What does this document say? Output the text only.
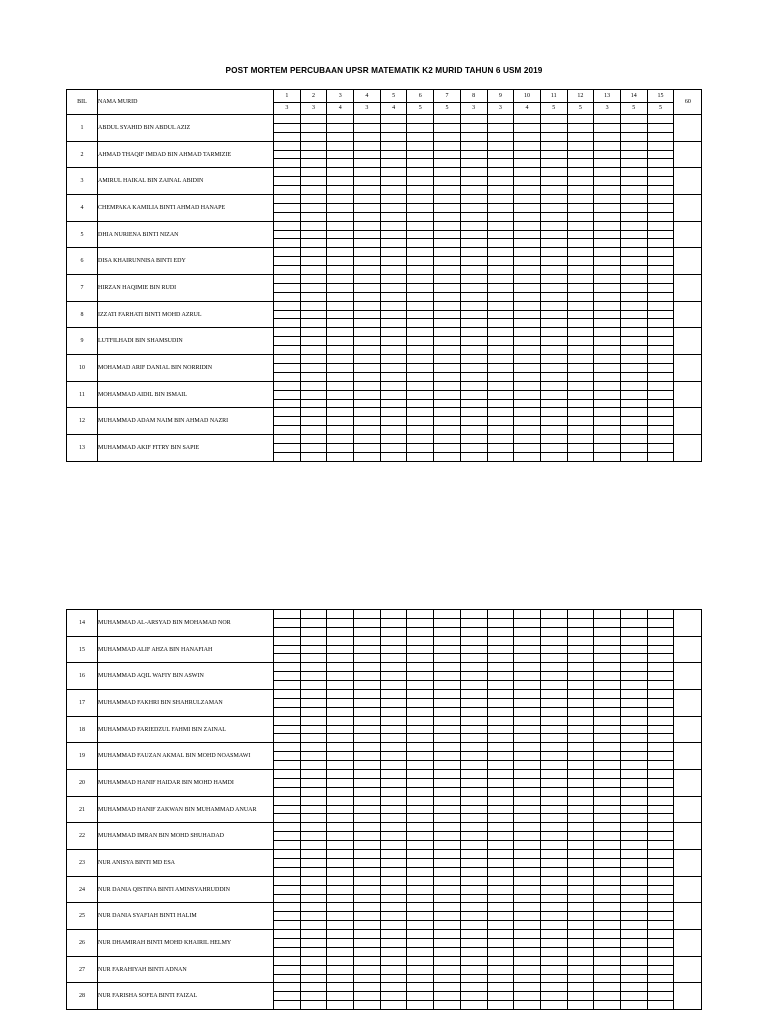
POST MORTEM PERCUBAAN UPSR MATEMATIK K2 MURID TAHUN 6 USM 2019
BIL	NAMA MURID	1	2	3	4	5	6	7	8	9	10	11	12	13	14	15	60
		3	3	4	3	4	5	5	3	3	4	5	5	3	5	5	
1	ABDUL SYAHID BIN ABDUL AZIZ																

2	AHMAD THAQIF IMDAD BIN AHMAD TARMIZIE																

3	AMIRUL HAIKAL BIN ZAINAL ABIDIN																

4	CHEMPAKA KAMILIA BINTI AHMAD HANAPE																

5	DHIA NURIENA BINTI NIZAN																

6	DISA KHAIRUNNISA BINTI EDY																

7	HIRZAN HAQIMIE BIN RUDI																

8	IZZATI FARHATI BINTI MOHD AZRUL																

9	LUTFILHADI BIN SHAMSUDIN																

10	MOHAMAD ARIF DANIAL BIN NORRIDIN																

11	MOHAMMAD AIDIL BIN ISMAIL																

12	MUHAMMAD ADAM NAIM BIN AHMAD NAZRI																

13	MUHAMMAD AKIF FITRY BIN SAPIE																

14	MUHAMMAD AL-ARSYAD BIN MOHAMAD NOR																

15	MUHAMMAD ALIF AHZA BIN HANAFIAH																

16	MUHAMMAD AQIL WAFIY BIN ASWIN																

17	MUHAMMAD FAKHRI BIN SHAHRULZAMAN																

18	MUHAMMAD FARIEDZUL FAHMI BIN ZAINAL																

19	MUHAMMAD FAUZAN AKMAL BIN MOHD NOASMAWI																

20	MUHAMMAD HANIF HAIDAR BIN MOHD HAMDI																

21	MUHAMMAD HANIF ZAKWAN BIN MUHAMMAD ANUAR																

22	MUHAMMAD IMRAN BIN MOHD SHUHADAD																

23	NUR ANISYA BINTI MD ESA																

24	NUR DANIA QISTINA BINTI AMINSYAHRUDDIN																

25	NUR DANIA SYAFIAH BINTI HALIM																

26	NUR DHAMIRAH BINTI MOHD KHAIRIL HELMY																

27	NUR FARAHIYAH BINTI ADNAN																

28	NUR FARISHA SOFEA BINTI FAIZAL																
